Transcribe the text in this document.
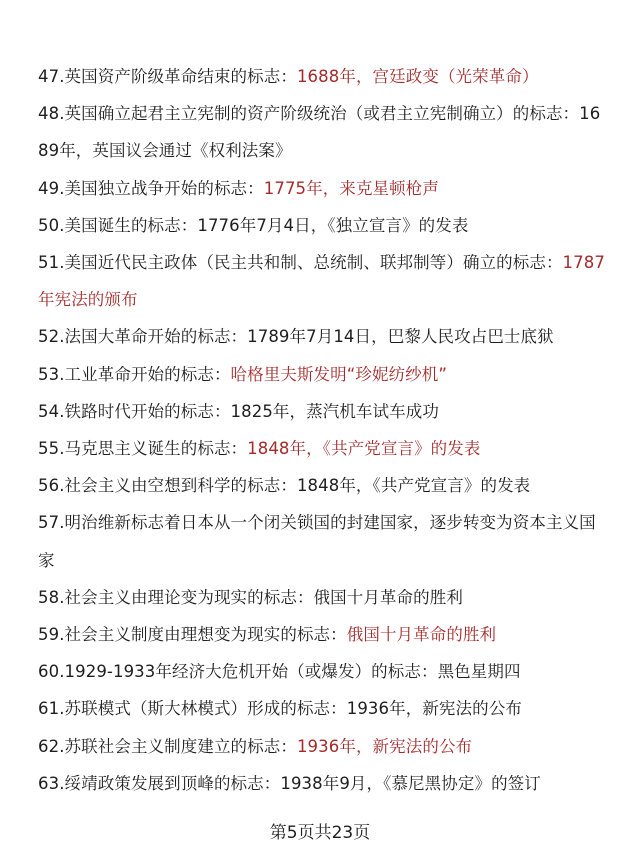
47.英国资产阶级革命结束的标志：1688年，宫廷政变（光荣革命）
48.英国确立起君主立宪制的资产阶级统治（或君主立宪制确立）的标志：1689年，英国议会通过《权利法案》
49.美国独立战争开始的标志：1775年，来克星顿枪声
50.美国诞生的标志：1776年7月4日，《独立宣言》的发表
51.美国近代民主政体（民主共和制、总统制、联邦制等）确立的标志：1787年宪法的颁布
52.法国大革命开始的标志：1789年7月14日，巴黎人民攻占巴士底狱
53.工业革命开始的标志：哈格里夫斯发明“珍妮纺纱机”
54.铁路时代开始的标志：1825年，蒸汽机车试车成功
55.马克思主义诞生的标志：1848年，《共产党宣言》的发表
56.社会主义由空想到科学的标志：1848年，《共产党宣言》的发表
57.明治维新标志着日本从一个闭关锁国的封建国家，逐步转变为资本主义国家
58.社会主义由理论变为现实的标志：俄国十月革命的胜利
59.社会主义制度由理想变为现实的标志：俄国十月革命的胜利
60.1929-1933年经济大危机开始（或爆发）的标志：黑色星期四
61.苏联模式（斯大林模式）形成的标志：1936年，新宪法的公布
62.苏联社会主义制度建立的标志：1936年，新宪法的公布
63.绥靖政策发展到顶峰的标志：1938年9月，《慕尼黑协定》的签订
第5页共23页
